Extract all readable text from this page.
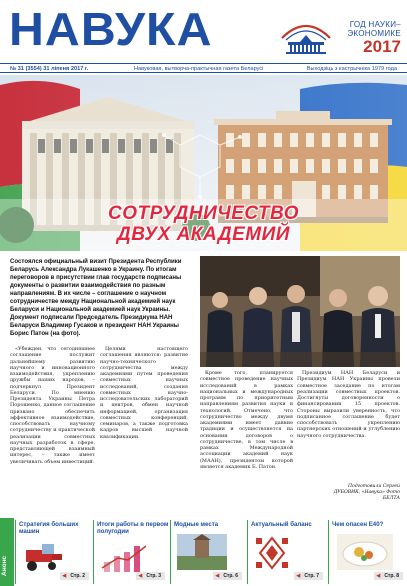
НАВУКА	ГОД НАУКИ–
ЭКОНОМИКЕ
2017
№ 31 (3554) 31 ліпеня 2017 г.	Навуковая, вытворча-практычная газета Беларусі	Выходзіць з кастрычніка 1979 года
СОТРУДНИЧЕСТВО
ДВУХ АКАДЕМИЙ
Состоялся официальный визит Президента Республики Беларусь Александра Лукашенко в Украину. По итогам переговоров в присутствии глав государств подписаны документы о развитии взаимодействия по разным направлениям. В их числе – соглашение о научном сотрудничестве между Национальной академией наук Беларуси и Национальной академией наук Украины. Документ подписали Председатель Президиума НАН Беларуси Владимир Гусаков и президент НАН Украины Борис Патон (на фото).

«Убежден, что сегодняшнее соглашение послужит дальнейшему развитию научного и инновационного взаимодействия, укреплению дружбы наших народов, – подчеркнул Президент Беларуси. По мнению Президента Украины Петра Порошенко, данное соглашение призвано обеспечить эффективное взаимодействие, способствовать научному сотрудничеству и практической реализации совместных научных разработок в сфере, представляющей взаимный интерес, – также имеет увеличивать объем инвестиций.

Целями настоящего соглашения являются: развитие научно-технического сотрудничества между академиями путем проведения совместных научных исследований, создания совместных научно-исследовательских лабораторий и центров, обмен научной информацией, организация совместных конференций, семинаров, а также подготовка кадров высшей научной квалификации.

Кроме того, планируется совместное проведение научных исследований в рамках национальных и международных программ по приоритетным направлениям развития науки и технологий. Отмечено, что сотрудничество между двумя академиями имеет давние традиции и осуществляется на основании договоров о сотрудничестве, в том числе в рамках Международной ассоциации академий наук (МААН), президентом которой является академик Б. Патон.

Президиум НАН Беларуси и Президиум НАН Украины провели совместное заседание по итогам реализации совместных проектов. Достигнуты договоренности о финансировании 15 проектов. Стороны выразили уверенность, что подписанное соглашение будет способствовать укреплению партнерских отношений и углублению научного сотрудничества.

Подготовили Сергей ДУБОВИК, «Навука» Фото БЕЛТА
Анонс
Стратегия больших машин
◀ Стр. 2
Итоги работы в первом полугодии
◀ Стр. 3
Модные места
◀ Стр. 6
Актуальный баланс
◀ Стр. 7
Чем опасен E40?
◀ Стр. 8
